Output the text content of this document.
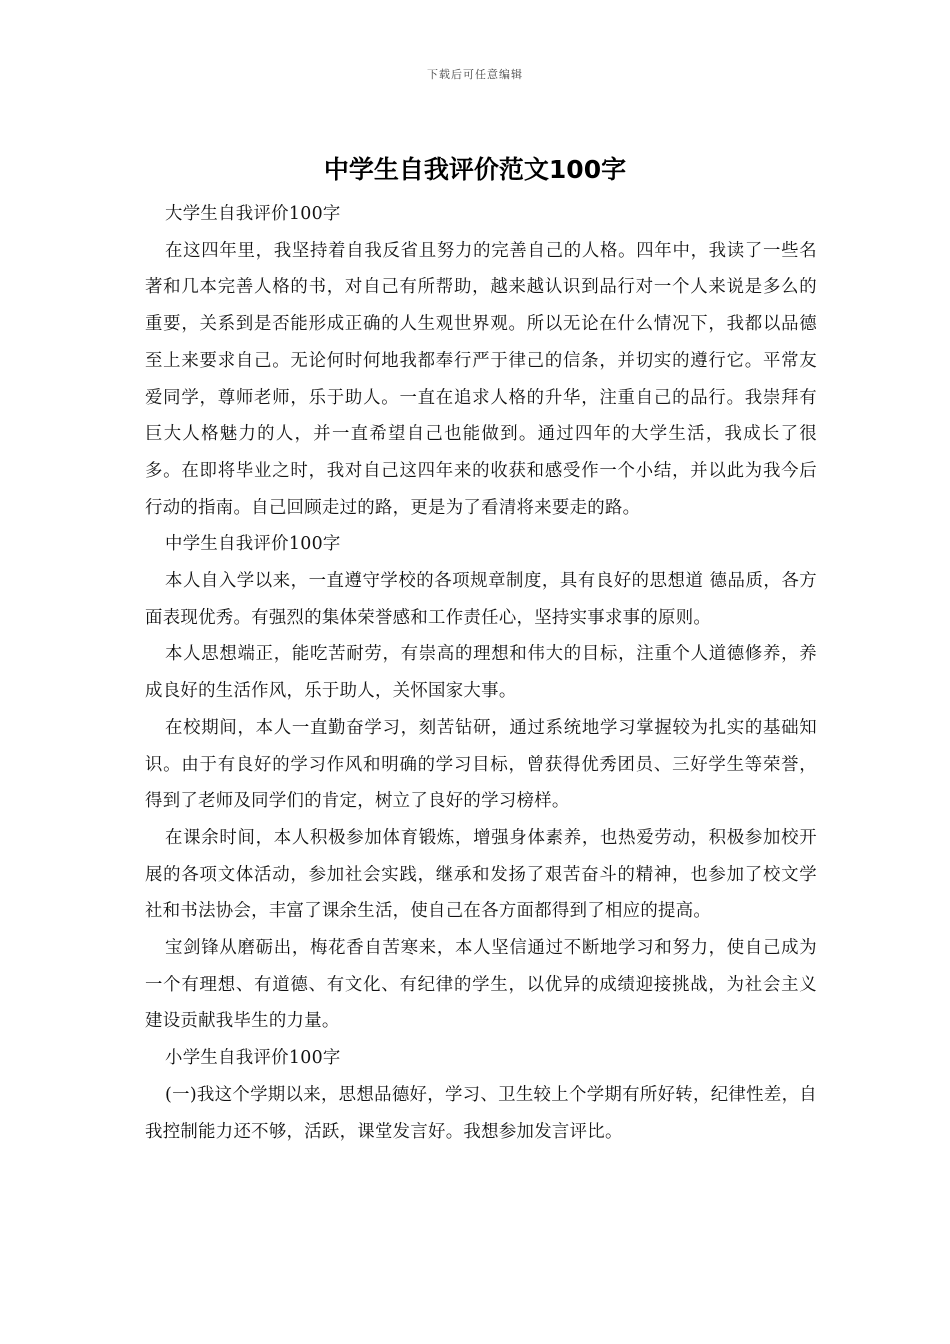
下载后可任意编辑
中学生自我评价范文100字

大学生自我评价100字

在这四年里，我坚持着自我反省且努力的完善自己的人格。四年中，我读了一些名著和几本完善人格的书，对自己有所帮助，越来越认识到品行对一个人来说是多么的重要，关系到是否能形成正确的人生观世界观。所以无论在什么情况下，我都以品德至上来要求自己。无论何时何地我都奉行严于律己的信条，并切实的遵行它。平常友爱同学，尊师老师，乐于助人。一直在追求人格的升华，注重自己的品行。我崇拜有巨大人格魅力的人，并一直希望自己也能做到。通过四年的大学生活，我成长了很多。在即将毕业之时，我对自己这四年来的收获和感受作一个小结，并以此为我今后行动的指南。自己回顾走过的路，更是为了看清将来要走的路。

中学生自我评价100字

本人自入学以来，一直遵守学校的各项规章制度，具有良好的思想道 德品质，各方面表现优秀。有强烈的集体荣誉感和工作责任心，坚持实事求事的原则。

本人思想端正，能吃苦耐劳，有崇高的理想和伟大的目标，注重个人道德修养，养成良好的生活作风，乐于助人，关怀国家大事。

在校期间，本人一直勤奋学习，刻苦钻研，通过系统地学习掌握较为扎实的基础知识。由于有良好的学习作风和明确的学习目标，曾获得优秀团员、三好学生等荣誉，得到了老师及同学们的肯定，树立了良好的学习榜样。

在课余时间，本人积极参加体育锻炼，增强身体素养，也热爱劳动，积极参加校开展的各项文体活动，参加社会实践，继承和发扬了艰苦奋斗的精神，也参加了校文学社和书法协会，丰富了课余生活，使自己在各方面都得到了相应的提高。

宝剑锋从磨砺出，梅花香自苦寒来，本人坚信通过不断地学习和努力，使自己成为一个有理想、有道德、有文化、有纪律的学生，以优异的成绩迎接挑战，为社会主义建设贡献我毕生的力量。

小学生自我评价100字

(一)我这个学期以来，思想品德好，学习、卫生较上个学期有所好转，纪律性差，自我控制能力还不够，活跃，课堂发言好。我想参加发言评比。
